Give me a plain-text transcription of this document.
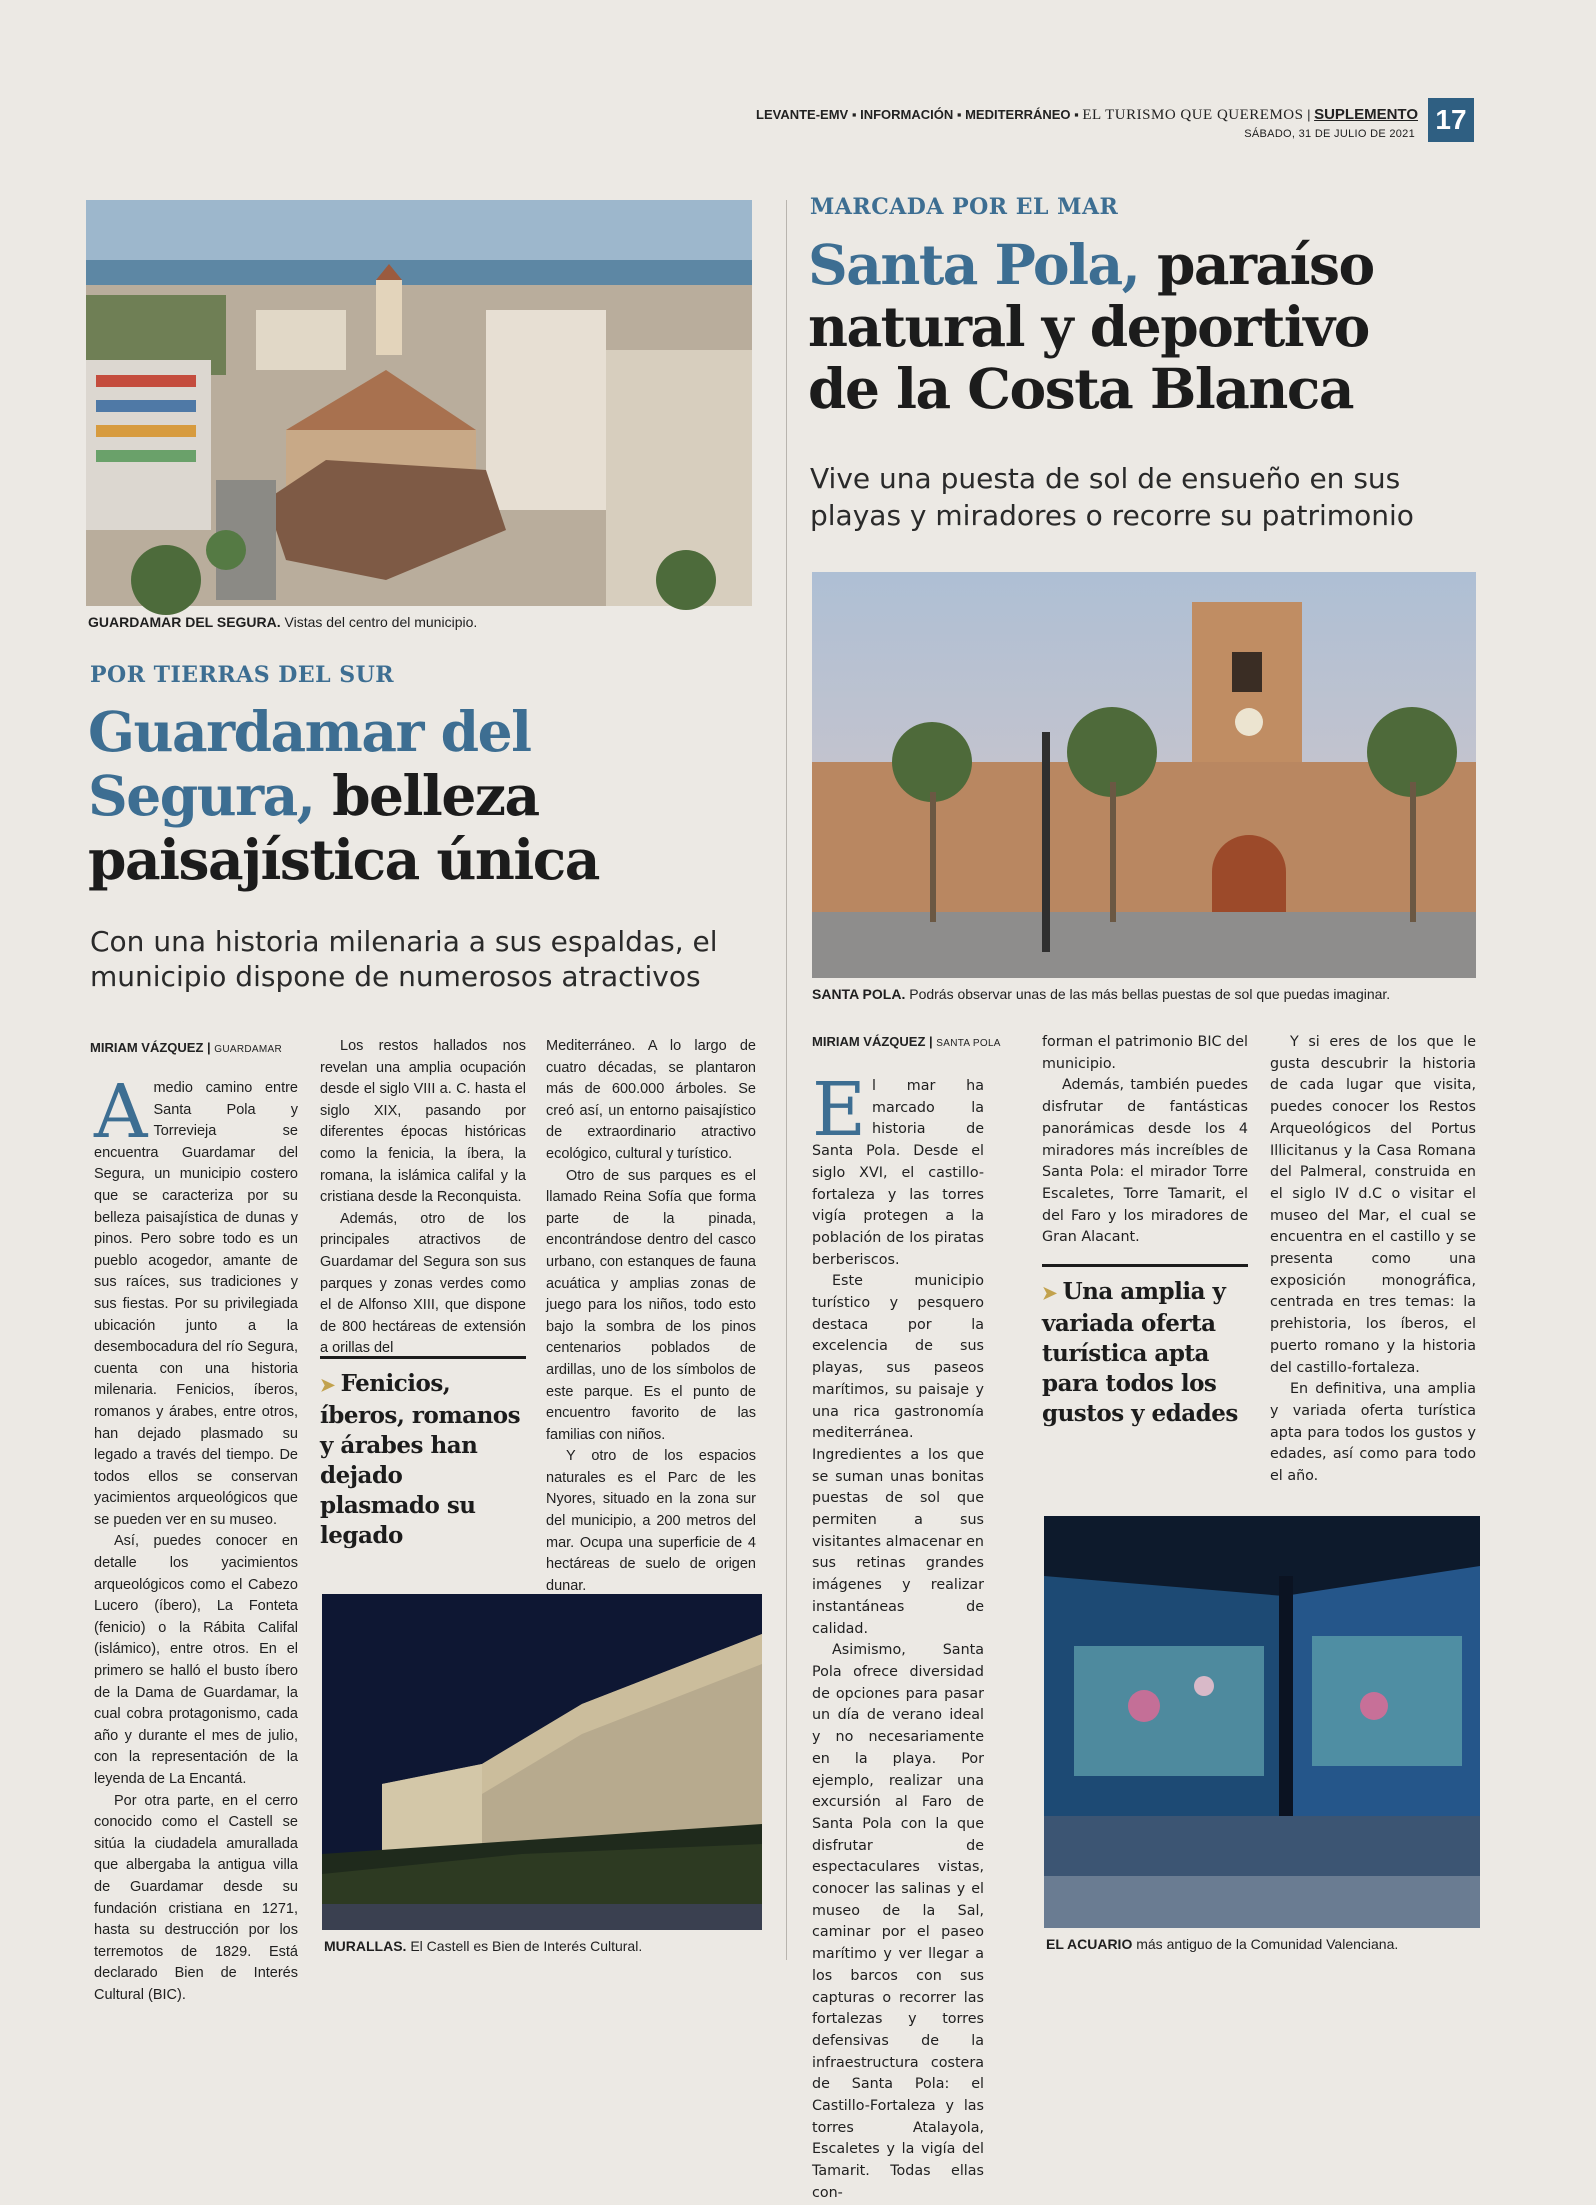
LEVANTE-EMV ▪ INFORMACIÓN ▪ MEDITERRÁNEO ▪ EL TURISMO QUE QUEREMOS | SUPLEMENTO
SÁBADO, 31 DE JULIO DE 2021 17
GUARDAMAR DEL SEGURA. Vistas del centro del municipio.
POR TIERRAS DEL SUR
Guardamar del Segura, belleza paisajística única
Con una historia milenaria a sus espaldas, el municipio dispone de numerosos atractivos
MIRIAM VÁZQUEZ | GUARDAMAR

Amedio camino entre Santa Pola y Torrevieja se encuentra Guardamar del Segura, un municipio costero que se caracteriza por su belleza paisajística de dunas y pinos. Pero sobre todo es un pueblo acogedor, amante de sus raíces, sus tradiciones y sus fiestas. Por su privilegiada ubicación junto a la desembocadura del río Segura, cuenta con una historia milenaria. Fenicios, íberos, romanos y árabes, entre otros, han dejado plasmado su legado a través del tiempo. De todos ellos se conservan yacimientos arqueológicos que se pueden ver en su museo.

Así, puedes conocer en detalle los yacimientos arqueológicos como el Cabezo Lucero (íbero), La Fonteta (fenicio) o la Rábita Califal (islámico), entre otros. En el primero se halló el busto íbero de la Dama de Guardamar, la cual cobra protagonismo, cada año y durante el mes de julio, con la representación de la leyenda de La Encantá.

Por otra parte, en el cerro conocido como el Castell se sitúa la ciudadela amurallada que albergaba la antigua villa de Guardamar desde su fundación cristiana en 1271, hasta su destrucción por los terremotos de 1829. Está declarado Bien de Interés Cultural (BIC).

Los restos hallados nos revelan una amplia ocupación desde el siglo VIII a. C. hasta el siglo XIX, pasando por diferentes épocas históricas como la fenicia, la íbera, la romana, la islámica califal y la cristiana desde la Reconquista.

Además, otro de los principales atractivos de Guardamar del Segura son sus parques y zonas verdes como el de Alfonso XIII, que dispone de 800 hectáreas de extensión a orillas del

➤ Fenicios, íberos, romanos y árabes han dejado plasmado su legado

Mediterráneo. A lo largo de cuatro décadas, se plantaron más de 600.000 árboles. Se creó así, un entorno paisajístico de extraordinario atractivo ecológico, cultural y turístico.

Otro de sus parques es el llamado Reina Sofía que forma parte de la pinada, encontrándose dentro del casco urbano, con estanques de fauna acuática y amplias zonas de juego para los niños, todo esto bajo la sombra de los pinos centenarios poblados de ardillas, uno de los símbolos de este parque. Es el punto de encuentro favorito de las familias con niños.

Y otro de los espacios naturales es el Parc de les Nyores, situado en la zona sur del municipio, a 200 metros del mar. Ocupa una superficie de 4 hectáreas de suelo de origen dunar.

MURALLAS. El Castell es Bien de Interés Cultural.
MARCADA POR EL MAR
Santa Pola, paraíso natural y deportivo de la Costa Blanca
Vive una puesta de sol de ensueño en sus playas y miradores o recorre su patrimonio
SANTA POLA. Podrás observar unas de las más bellas puestas de sol que puedas imaginar.
MIRIAM VÁZQUEZ | SANTA POLA

El mar ha marcado la historia de Santa Pola. Desde el siglo XVI, el castillo-fortaleza y las torres vigía protegen a la población de los piratas berberiscos.

Este municipio turístico y pesquero destaca por la excelencia de sus playas, sus paseos marítimos, su paisaje y una rica gastronomía mediterránea. Ingredientes a los que se suman unas bonitas puestas de sol que permiten a sus visitantes almacenar en sus retinas grandes imágenes y realizar instantáneas de calidad.

Asimismo, Santa Pola ofrece diversidad de opciones para pasar un día de verano ideal y no necesariamente en la playa. Por ejemplo, realizar una excursión al Faro de Santa Pola con la que disfrutar de espectaculares vistas, conocer las salinas y el museo de la Sal, caminar por el paseo marítimo y ver llegar a los barcos con sus capturas o recorrer las fortalezas y torres defensivas de la infraestructura costera de Santa Pola: el Castillo-Fortaleza y las torres Atalayola, Escaletes y la vigía del Tamarit. Todas ellas con-

forman el patrimonio BIC del municipio.

Además, también puedes disfrutar de fantásticas panorámicas desde los 4 miradores más increíbles de Santa Pola: el mirador Torre Escaletes, Torre Tamarit, el del Faro y los miradores de Gran Alacant.

➤ Una amplia y variada oferta turística apta para todos los gustos y edades

Y si eres de los que le gusta descubrir la historia de cada lugar que visita, puedes conocer los Restos Arqueológicos del Portus Illicitanus y la Casa Romana del Palmeral, construida en el siglo IV d.C o visitar el museo del Mar, el cual se encuentra en el castillo y se presenta como una exposición monográfica, centrada en tres temas: la prehistoria, los íberos, el puerto romano y la historia del castillo-fortaleza.

En definitiva, una amplia y variada oferta turística apta para todos los gustos y edades, así como para todo el año.

EL ACUARIO más antiguo de la Comunidad Valenciana.
